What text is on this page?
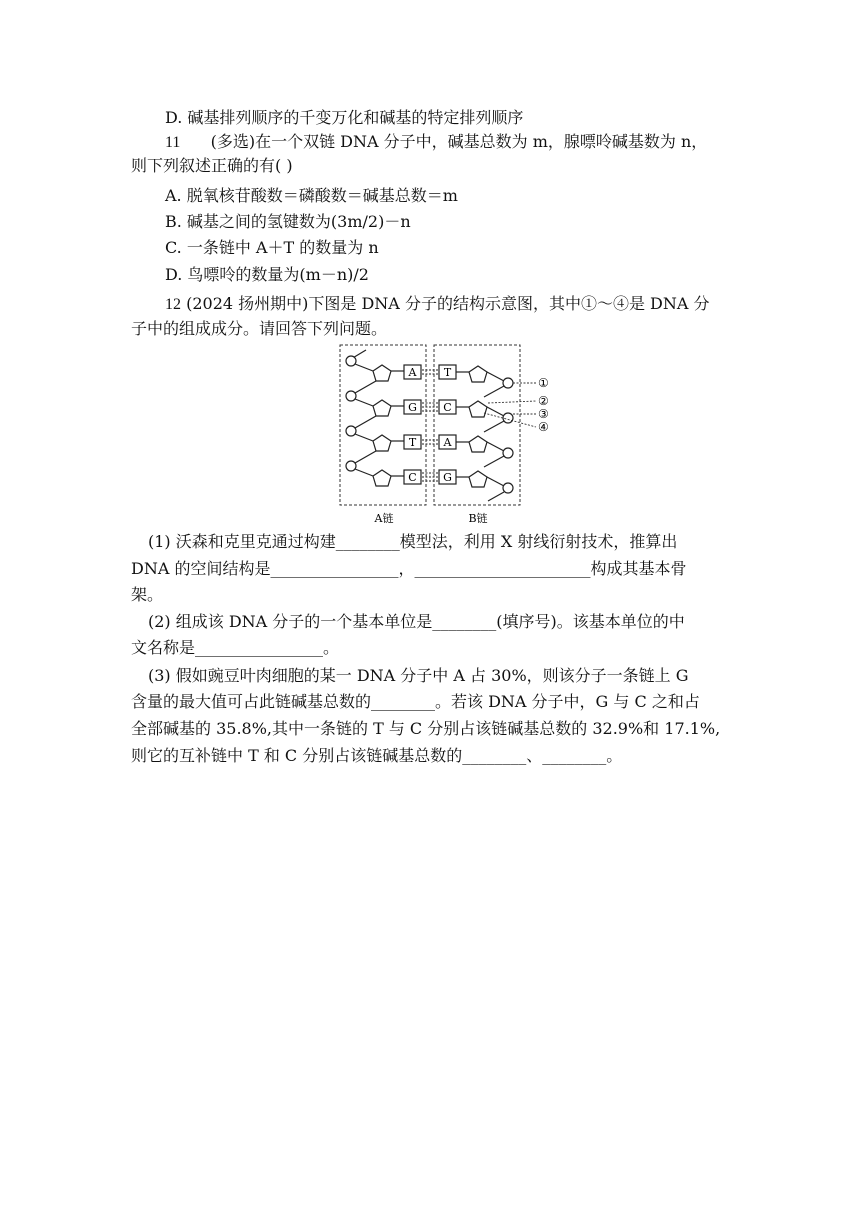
D. 碱基排列顺序的千变万化和碱基的特定排列顺序
11 (多选)在一个双链 DNA 分子中，碱基总数为 m，腺嘌呤碱基数为 n，
则下列叙述正确的有( )
A. 脱氧核苷酸数＝磷酸数＝碱基总数＝m
B. 碱基之间的氢键数为(3m/2)－n
C. 一条链中 A＋T 的数量为 n
D. 鸟嘌呤的数量为(m－n)/2
12 (2024 扬州期中)下图是 DNA 分子的结构示意图，其中①～④是 DNA 分
子中的组成成分。请回答下列问题。
A
G
T
C
T
C
A
G
①
②
③
④
A链	B链
(1) 沃森和克里克通过构建________模型法，利用 X 射线衍射技术，推算出
DNA 的空间结构是________________，______________________构成其基本骨
架。
(2) 组成该 DNA 分子的一个基本单位是________(填序号)。该基本单位的中
文名称是________________。
(3) 假如豌豆叶肉细胞的某一 DNA 分子中 A 占 30%，则该分子一条链上 G
含量的最大值可占此链碱基总数的________。若该 DNA 分子中，G 与 C 之和占
全部碱基的 35.8%,其中一条链的 T 与 C 分别占该链碱基总数的 32.9%和 17.1%,
则它的互补链中 T 和 C 分别占该链碱基总数的________、________。
